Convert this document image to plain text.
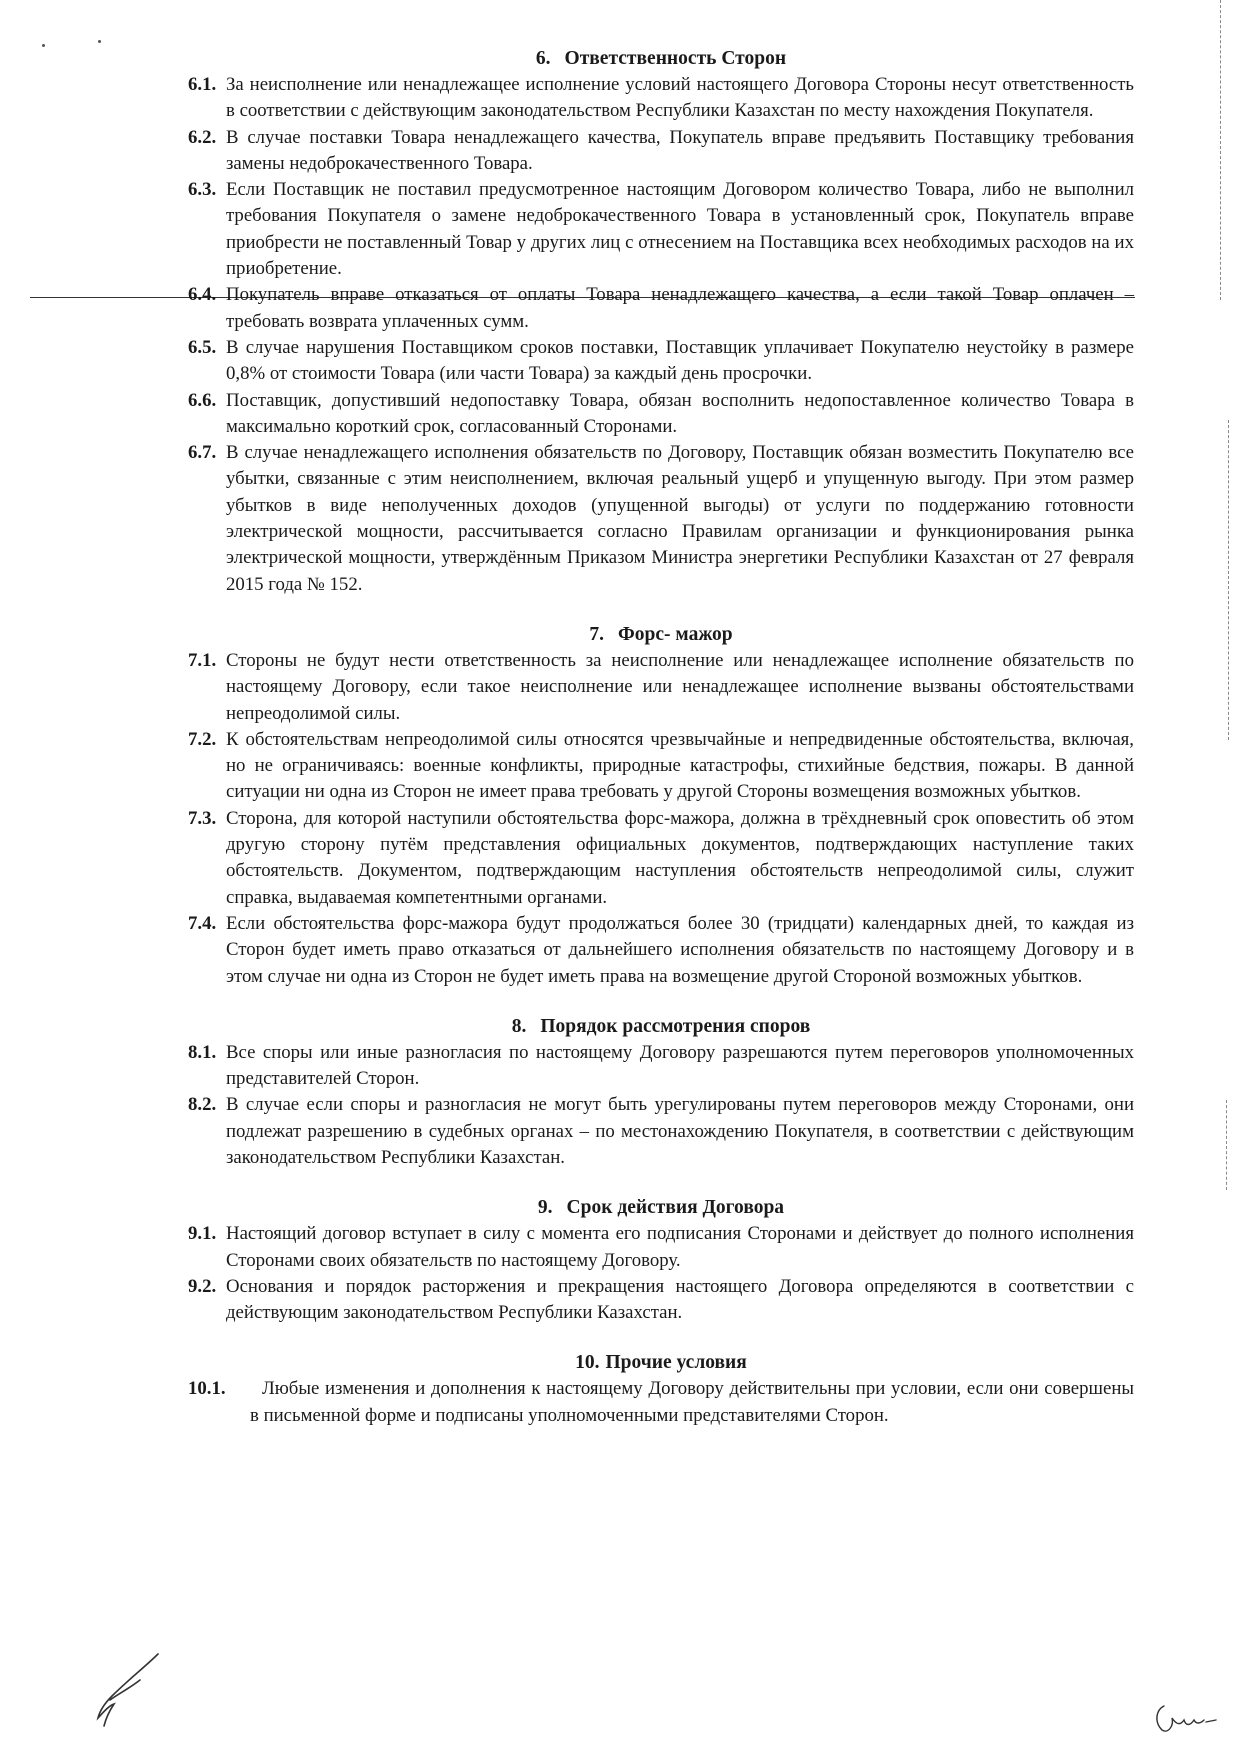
6. Ответственность Сторон

6.1. За неисполнение или ненадлежащее исполнение условий настоящего Договора Стороны несут ответственность в соответствии с действующим законодательством Республики Казахстан по месту нахождения Покупателя.
6.2. В случае поставки Товара ненадлежащего качества, Покупатель вправе предъявить Поставщику требования замены недоброкачественного Товара.
6.3. Если Поставщик не поставил предусмотренное настоящим Договором количество Товара, либо не выполнил требования Покупателя о замене недоброкачественного Товара в установленный срок, Покупатель вправе приобрести не поставленный Товар у других лиц с отнесением на Поставщика всех необходимых расходов на их приобретение.
6.4. Покупатель вправе отказаться от оплаты Товара ненадлежащего качества, а если такой Товар оплачен – требовать возврата уплаченных сумм.
6.5. В случае нарушения Поставщиком сроков поставки, Поставщик уплачивает Покупателю неустойку в размере 0,8% от стоимости Товара (или части Товара) за каждый день просрочки.
6.6. Поставщик, допустивший недопоставку Товара, обязан восполнить недопоставленное количество Товара в максимально короткий срок, согласованный Сторонами.
6.7. В случае ненадлежащего исполнения обязательств по Договору, Поставщик обязан возместить Покупателю все убытки, связанные с этим неисполнением, включая реальный ущерб и упущенную выгоду. При этом размер убытков в виде неполученных доходов (упущенной выгоды) от услуги по поддержанию готовности электрической мощности, рассчитывается согласно Правилам организации и функционирования рынка электрической мощности, утверждённым Приказом Министра энергетики Республики Казахстан от 27 февраля 2015 года № 152.

7. Форс- мажор

7.1. Стороны не будут нести ответственность за неисполнение или ненадлежащее исполнение обязательств по настоящему Договору, если такое неисполнение или ненадлежащее исполнение вызваны обстоятельствами непреодолимой силы.
7.2. К обстоятельствам непреодолимой силы относятся чрезвычайные и непредвиденные обстоятельства, включая, но не ограничиваясь: военные конфликты, природные катастрофы, стихийные бедствия, пожары. В данной ситуации ни одна из Сторон не имеет права требовать у другой Стороны возмещения возможных убытков.
7.3. Сторона, для которой наступили обстоятельства форс-мажора, должна в трёхдневный срок оповестить об этом другую сторону путём представления официальных документов, подтверждающих наступление таких обстоятельств. Документом, подтверждающим наступления обстоятельств непреодолимой силы, служит справка, выдаваемая компетентными органами.
7.4. Если обстоятельства форс-мажора будут продолжаться более 30 (тридцати) календарных дней, то каждая из Сторон будет иметь право отказаться от дальнейшего исполнения обязательств по настоящему Договору и в этом случае ни одна из Сторон не будет иметь права на возмещение другой Стороной возможных убытков.

8. Порядок рассмотрения споров

8.1. Все споры или иные разногласия по настоящему Договору разрешаются путем переговоров уполномоченных представителей Сторон.
8.2. В случае если споры и разногласия не могут быть урегулированы путем переговоров между Сторонами, они подлежат разрешению в судебных органах – по местонахождению Покупателя, в соответствии с действующим законодательством Республики Казахстан.

9. Срок действия Договора

9.1. Настоящий договор вступает в силу с момента его подписания Сторонами и действует до полного исполнения Сторонами своих обязательств по настоящему Договору.
9.2. Основания и порядок расторжения и прекращения настоящего Договора определяются в соответствии с действующим законодательством Республики Казахстан.

10. Прочие условия

10.1.	Любые изменения и дополнения к настоящему Договору действительны при условии, если они совершены в письменной форме и подписаны уполномоченными представителями Сторон.
